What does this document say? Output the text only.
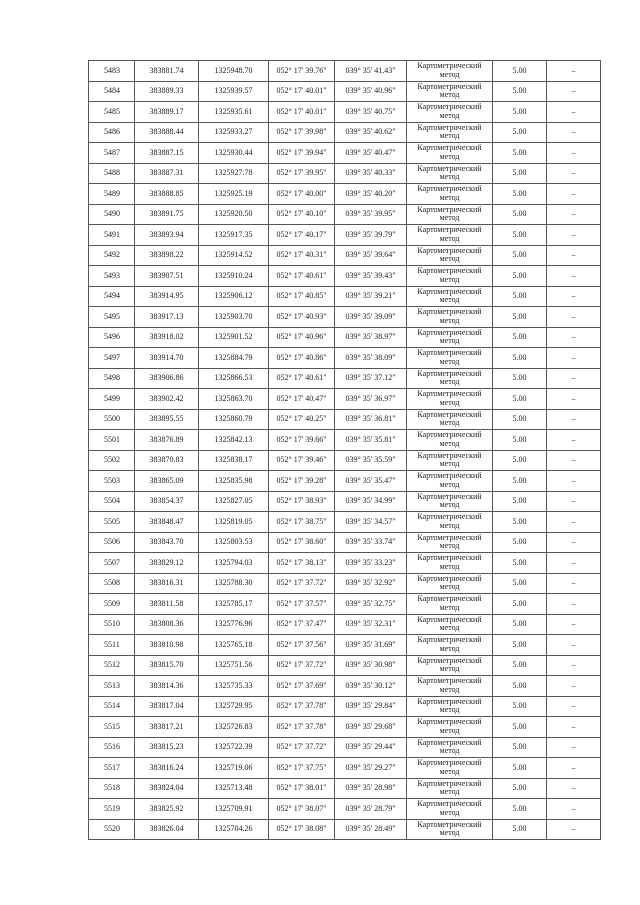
5483	383881.74	1325948.70	052° 17' 39.76"	039° 35' 41.43"	Картометрический метод	5.00	–
5484	383889.33	1325939.57	052° 17' 40.01"	039° 35' 40.96"	Картометрический метод	5.00	–
5485	383889.17	1325935.61	052° 17' 40.01"	039° 35' 40.75"	Картометрический метод	5.00	–
5486	383888.44	1325933.27	052° 17' 39.98"	039° 35' 40.62"	Картометрический метод	5.00	–
5487	383887.15	1325930.44	052° 17' 39.94"	039° 35' 40.47"	Картометрический метод	5.00	–
5488	383887.31	1325927.78	052° 17' 39.95"	039° 35' 40.33"	Картометрический метод	5.00	–
5489	383888.85	1325925.19	052° 17' 40.00"	039° 35' 40.20"	Картометрический метод	5.00	–
5490	383891.75	1325920.50	052° 17' 40.10"	039° 35' 39.95"	Картометрический метод	5.00	–
5491	383893.94	1325917.35	052° 17' 40.17"	039° 35' 39.79"	Картометрический метод	5.00	–
5492	383898.22	1325914.52	052° 17' 40.31"	039° 35' 39.64"	Картометрический метод	5.00	–
5493	383907.51	1325910.24	052° 17' 40.61"	039° 35' 39.43"	Картометрический метод	5.00	–
5494	383914.95	1325906.12	052° 17' 40.85"	039° 35' 39.21"	Картометрический метод	5.00	–
5495	383917.13	1325903.70	052° 17' 40.93"	039° 35' 39.09"	Картометрический метод	5.00	–
5496	383918.02	1325901.52	052° 17' 40.96"	039° 35' 38.97"	Картометрический метод	5.00	–
5497	383914.70	1325884.79	052° 17' 40.86"	039° 35' 38.09"	Картометрический метод	5.00	–
5498	383906.86	1325866.53	052° 17' 40.61"	039° 35' 37.12"	Картометрический метод	5.00	–
5499	383902.42	1325863.70	052° 17' 40.47"	039° 35' 36.97"	Картометрический метод	5.00	–
5500	383895.55	1325860.79	052° 17' 40.25"	039° 35' 36.81"	Картометрический метод	5.00	–
5501	383876.89	1325842.13	052° 17' 39.66"	039° 35' 35.81"	Картометрический метод	5.00	–
5502	383870.83	1325838.17	052° 17' 39.46"	039° 35' 35.59"	Картометрический метод	5.00	–
5503	383865.09	1325835.98	052° 17' 39.28"	039° 35' 35.47"	Картометрический метод	5.00	–
5504	383854.37	1325827.05	052° 17' 38.93"	039° 35' 34.99"	Картометрический метод	5.00	–
5505	383848.47	1325819.05	052° 17' 38.75"	039° 35' 34.57"	Картометрический метод	5.00	–
5506	383843.70	1325803.53	052° 17' 38.60"	039° 35' 33.74"	Картометрический метод	5.00	–
5507	383829.12	1325794.03	052° 17' 38.13"	039° 35' 33.23"	Картометрический метод	5.00	–
5508	383816.31	1325788.30	052° 17' 37.72"	039° 35' 32.92"	Картометрический метод	5.00	–
5509	383811.58	1325785.17	052° 17' 37.57"	039° 35' 32.75"	Картометрический метод	5.00	–
5510	383808.36	1325776.96	052° 17' 37.47"	039° 35' 32.31"	Картометрический метод	5.00	–
5511	383810.98	1325765.18	052° 17' 37.56"	039° 35' 31.69"	Картометрический метод	5.00	–
5512	383815.70	1325751.56	052° 17' 37.72"	039° 35' 30.98"	Картометрический метод	5.00	–
5513	383814.36	1325735.33	052° 17' 37.69"	039° 35' 30.12"	Картометрический метод	5.00	–
5514	383817.04	1325729.95	052° 17' 37.78"	039° 35' 29.84"	Картометрический метод	5.00	–
5515	383817.21	1325726.83	052° 17' 37.78"	039° 35' 29.68"	Картометрический метод	5.00	–
5516	383815.23	1325722.39	052° 17' 37.72"	039° 35' 29.44"	Картометрический метод	5.00	–
5517	383816.24	1325719.06	052° 17' 37.75"	039° 35' 29.27"	Картометрический метод	5.00	–
5518	383824.04	1325713.48	052° 17' 38.01"	039° 35' 28.98"	Картометрический метод	5.00	–
5519	383825.92	1325709.91	052° 17' 38.07"	039° 35' 28.79"	Картометрический метод	5.00	–
5520	383826.04	1325704.26	052° 17' 38.08"	039° 35' 28.49"	Картометрический метод	5.00	–
